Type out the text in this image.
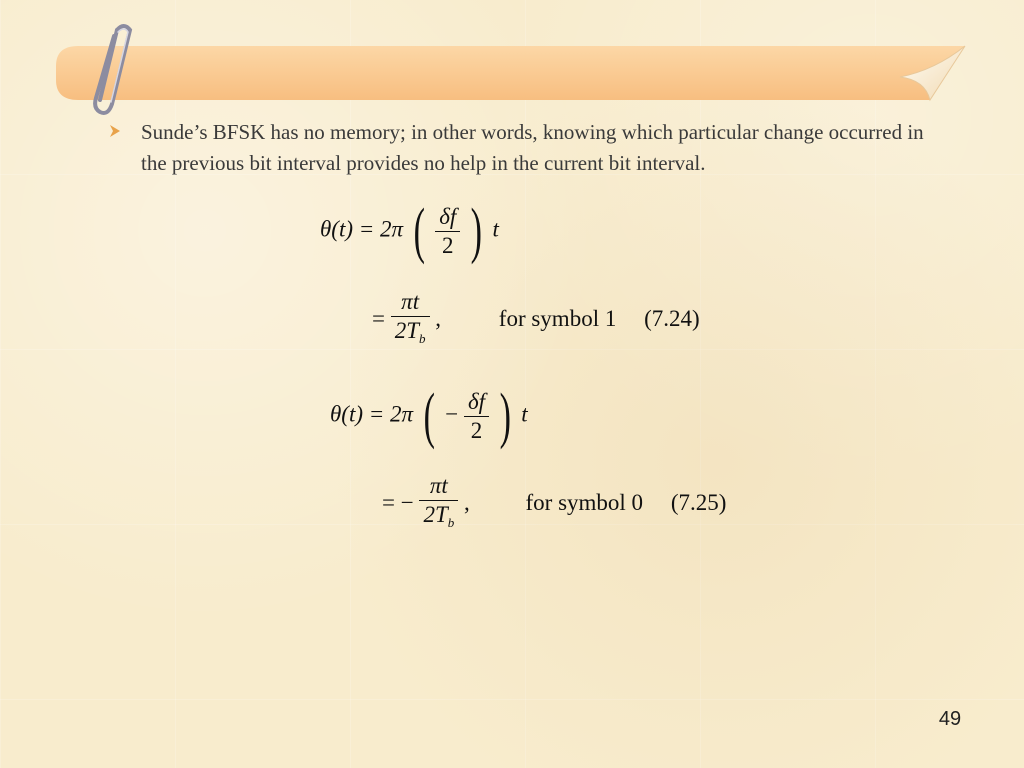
Sunde’s BFSK has no memory; in other words, knowing which particular change occurred in the previous bit interval provides no help in the current bit interval.
θ(t) = 2π ( $\frac{\delta f}{2}$ ) t
= $\frac{\pi t}{2T_b}$ ,	for symbol 1 (7.24)
θ(t) = 2π ( − $\frac{\delta f}{2}$ ) t
= − $\frac{\pi t}{2T_b}$ , for symbol 0 (7.25)
49
